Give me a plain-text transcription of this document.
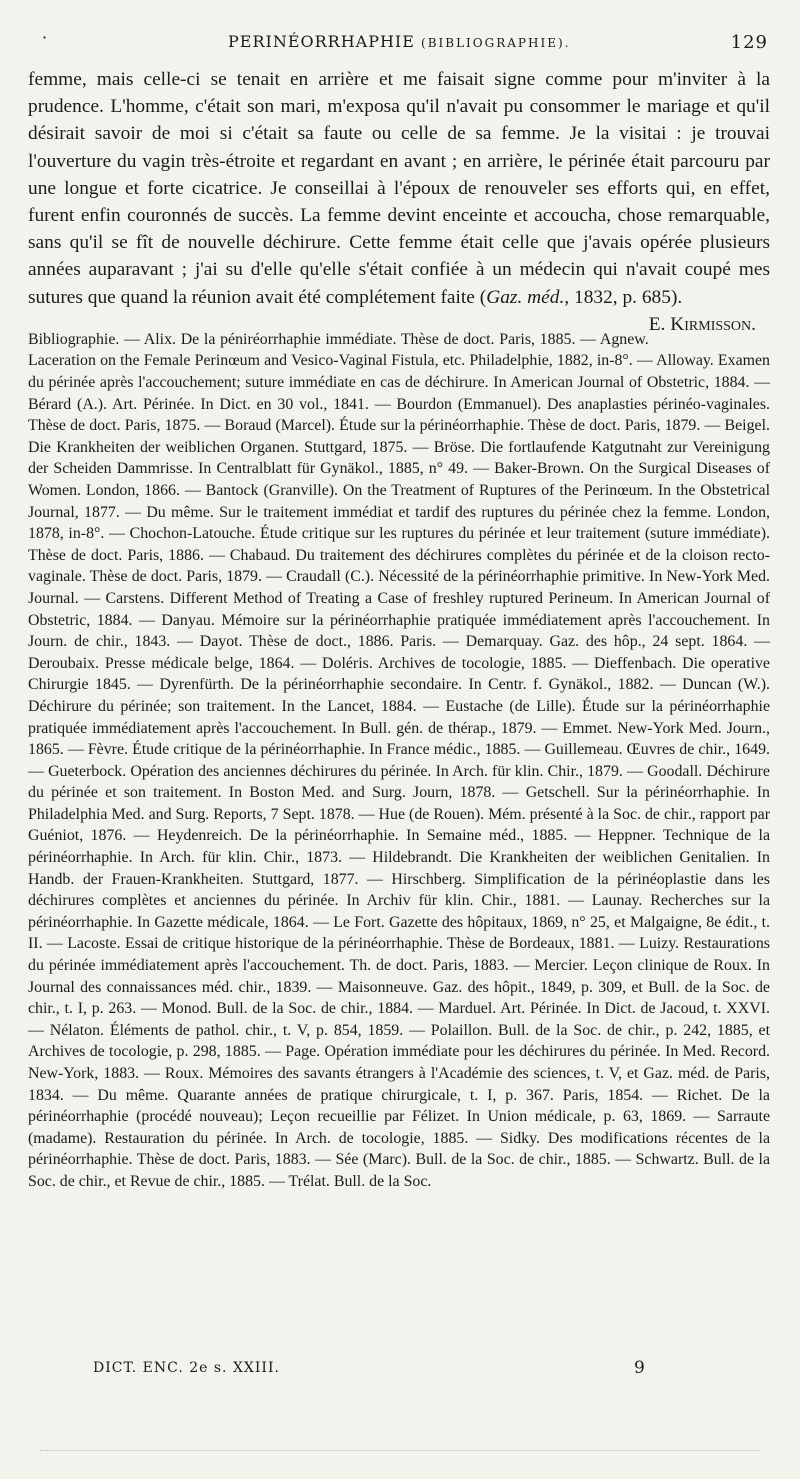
·	PERINÉORRHAPHIE (BIBLIOGRAPHIE).	129

femme, mais celle-ci se tenait en arrière et me faisait signe comme pour m'inviter à la prudence. L'homme, c'était son mari, m'exposa qu'il n'avait pu consommer le mariage et qu'il désirait savoir de moi si c'était sa faute ou celle de sa femme. Je la visitai : je trouvai l'ouverture du vagin très-étroite et regardant en avant ; en arrière, le périnée était parcouru par une longue et forte cicatrice. Je conseillai à l'époux de renouveler ses efforts qui, en effet, furent enfin couronnés de succès. La femme devint enceinte et accoucha, chose remarquable, sans qu'il se fît de nouvelle déchirure. Cette femme était celle que j'avais opérée plusieurs années auparavant ; j'ai su d'elle qu'elle s'était confiée à un médecin qui n'avait coupé mes sutures que quand la réunion avait été complétement faite (Gaz. méd., 1832, p. 685).
E. Kirmisson.

Bibliographie. — Alix. De la péniréorrhaphie immédiate. Thèse de doct. Paris, 1885. — Agnew. Laceration on the Female Perinœum and Vesico-Vaginal Fistula, etc. Philadelphie, 1882, in-8°. — Alloway. Examen du périnée après l'accouchement; suture immédiate en cas de déchirure. In American Journal of Obstetric, 1884. — Bérard (A.). Art. Périnée. In Dict. en 30 vol., 1841. — Bourdon (Emmanuel). Des anaplasties périnéo-vaginales. Thèse de doct. Paris, 1875. — Boraud (Marcel). Étude sur la périnéorrhaphie. Thèse de doct. Paris, 1879. — Beigel. Die Krankheiten der weiblichen Organen. Stuttgard, 1875. — Bröse. Die fortlaufende Katgutnaht zur Vereinigung der Scheiden Dammrisse. In Centralblatt für Gynäkol., 1885, n° 49. — Baker-Brown. On the Surgical Diseases of Women. London, 1866. — Bantock (Granville). On the Treatment of Ruptures of the Perinœum. In the Obstetrical Journal, 1877. — Du même. Sur le traitement immédiat et tardif des ruptures du périnée chez la femme. London, 1878, in-8°. — Chochon-Latouche. Étude critique sur les ruptures du périnée et leur traitement (suture immédiate). Thèse de doct. Paris, 1886. — Chabaud. Du traitement des déchirures complètes du périnée et de la cloison recto-vaginale. Thèse de doct. Paris, 1879. — Craudall (C.). Nécessité de la périnéorrhaphie primitive. In New-York Med. Journal. — Carstens. Different Method of Treating a Case of freshley ruptured Perineum. In American Journal of Obstetric, 1884. — Danyau. Mémoire sur la périnéorrhaphie pratiquée immédiatement après l'accouchement. In Journ. de chir., 1843. — Dayot. Thèse de doct., 1886. Paris. — Demarquay. Gaz. des hôp., 24 sept. 1864. — Deroubaix. Presse médicale belge, 1864. — Doléris. Archives de tocologie, 1885. — Dieffenbach. Die operative Chirurgie 1845. — Dyrenfürth. De la périnéorrhaphie secondaire. In Centr. f. Gynäkol., 1882. — Duncan (W.). Déchirure du périnée; son traitement. In the Lancet, 1884. — Eustache (de Lille). Étude sur la périnéorrhaphie pratiquée immédiatement après l'accouchement. In Bull. gén. de thérap., 1879. — Emmet. New-York Med. Journ., 1865. — Fèvre. Étude critique de la périnéorrhaphie. In France médic., 1885. — Guillemeau. Œuvres de chir., 1649. — Gueterbock. Opération des anciennes déchirures du périnée. In Arch. für klin. Chir., 1879. — Goodall. Déchirure du périnée et son traitement. In Boston Med. and Surg. Journ, 1878. — Getschell. Sur la périnéorrhaphie. In Philadelphia Med. and Surg. Reports, 7 Sept. 1878. — Hue (de Rouen). Mém. présenté à la Soc. de chir., rapport par Guéniot, 1876. — Heydenreich. De la périnéorrhaphie. In Semaine méd., 1885. — Heppner. Technique de la périnéorrhaphie. In Arch. für klin. Chir., 1873. — Hildebrandt. Die Krankheiten der weiblichen Genitalien. In Handb. der Frauen-Krankheiten. Stuttgard, 1877. — Hirschberg. Simplification de la périnéoplastie dans les déchirures complètes et anciennes du périnée. In Archiv für klin. Chir., 1881. — Launay. Recherches sur la périnéorrhaphie. In Gazette médicale, 1864. — Le Fort. Gazette des hôpitaux, 1869, n° 25, et Malgaigne, 8e édit., t. II. — Lacoste. Essai de critique historique de la périnéorrhaphie. Thèse de Bordeaux, 1881. — Luizy. Restaurations du périnée immédiatement après l'accouchement. Th. de doct. Paris, 1883. — Mercier. Leçon clinique de Roux. In Journal des connaissances méd. chir., 1839. — Maisonneuve. Gaz. des hôpit., 1849, p. 309, et Bull. de la Soc. de chir., t. I, p. 263. — Monod. Bull. de la Soc. de chir., 1884. — Marduel. Art. Périnée. In Dict. de Jacoud, t. XXVI. — Nélaton. Éléments de pathol. chir., t. V, p. 854, 1859. — Polaillon. Bull. de la Soc. de chir., p. 242, 1885, et Archives de tocologie, p. 298, 1885. — Page. Opération immédiate pour les déchirures du périnée. In Med. Record. New-York, 1883. — Roux. Mémoires des savants étrangers à l'Académie des sciences, t. V, et Gaz. méd. de Paris, 1834. — Du même. Quarante années de pratique chirurgicale, t. I, p. 367. Paris, 1854. — Richet. De la périnéorrhaphie (procédé nouveau); Leçon recueillie par Félizet. In Union médicale, p. 63, 1869. — Sarraute (madame). Restauration du périnée. In Arch. de tocologie, 1885. — Sidky. Des modifications récentes de la périnéorrhaphie. Thèse de doct. Paris, 1883. — Sée (Marc). Bull. de la Soc. de chir., 1885. — Schwartz. Bull. de la Soc. de chir., et Revue de chir., 1885. — Trélat. Bull. de la Soc.

DICT. ENC. 2e s. XXIII.	9
